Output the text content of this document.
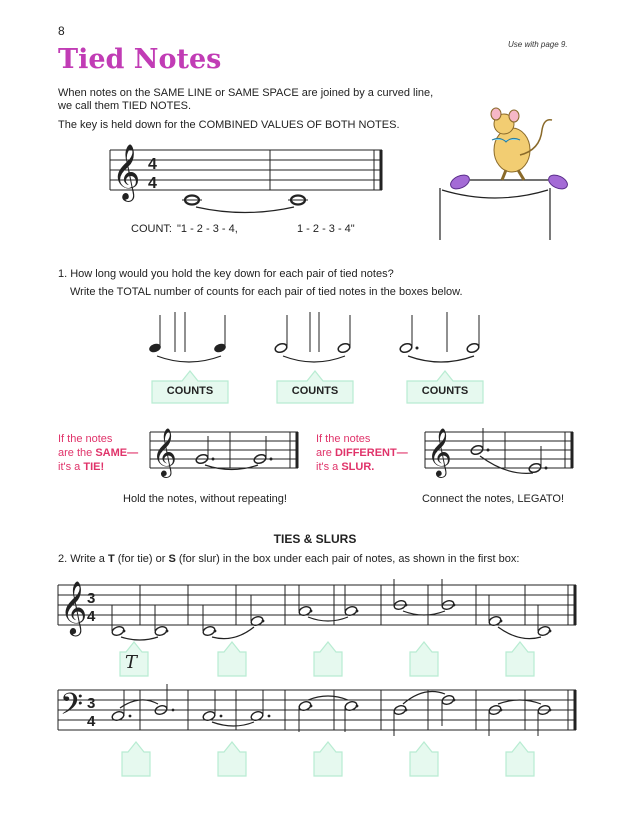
8
Use with page 9.
Tied Notes
When notes on the SAME LINE or SAME SPACE are joined by a curved line,
we call them TIED NOTES.
The key is held down for the COMBINED VALUES OF BOTH NOTES.
𝄞 4
4
COUNT: "1 - 2 - 3 - 4,	1 - 2 - 3 - 4"
1. How long would you hold the key down for each pair of tied notes?
Write the TOTAL number of counts for each pair of tied notes in the boxes below.
COUNTS	COUNTS	COUNTS
If the notes
are the SAME—
it's a TIE!	𝄞	If the notes
are DIFFERENT—
it's a SLUR.	𝄞
Hold the notes, without repeating!	Connect the notes, LEGATO!
TIES & SLURS
2. Write a T (for tie) or S (for slur) in the box under each pair of notes, as shown in the first box:
𝄞 3
4
T
𝄢 3
4
